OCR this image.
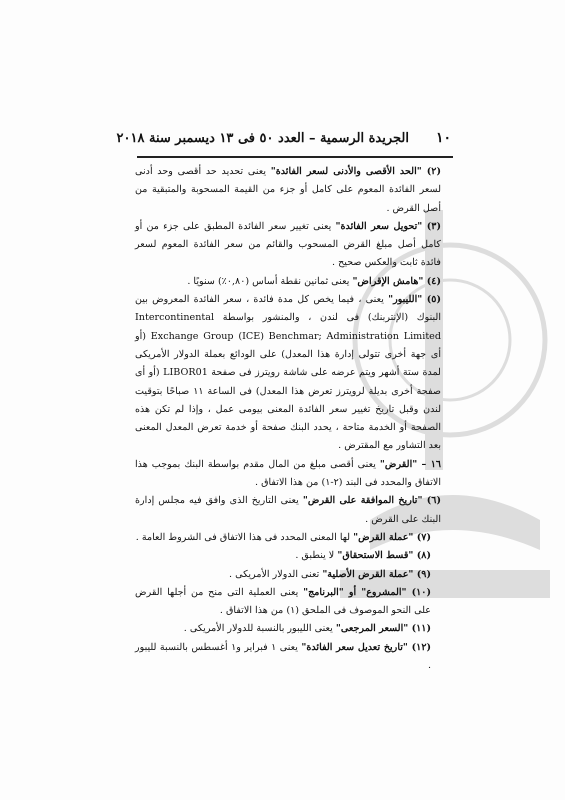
١٠
الجريدة الرسمية – العدد ٥٠ فى ١٣ ديسمبر سنة ٢٠١٨

(٢) "الحد الأقصى والأدنى لسعر الفائدة" يعنى تحديد حد أقصى وحد أدنى لسعر الفائدة المعوم على كامل أو جزء من القيمة المسحوبة والمتبقية من أصل القرض .

(٣) "تحويل سعر الفائدة" يعنى تغيير سعر الفائدة المطبق على جزء من أو كامل أصل مبلغ القرض المسحوب والقائم من سعر الفائدة المعوم لسعر فائدة ثابت والعكس صحيح .

(٤) "هامش الإقراض" يعنى ثمانين نقطة أساس (٠,٨٠٪) سنويًا .

(٥) "الليبور" يعنى ، فيما يخص كل مدة فائدة ، سعر الفائدة المعروض بين البنوك (الإنتربنك) فى لندن ، والمنشور بواسطة Intercontinental Exchange Group (ICE) Benchmar; Administration Limited (أو أى جهة أخرى تتولى إدارة هذا المعدل) على الودائع بعملة الدولار الأمريكى لمدة ستة أشهر ويتم عرضه على شاشة رويترز فى صفحة LIBOR01 (أو أى صفحة أخرى بديلة لرويترز تعرض هذا المعدل) فى الساعة ١١ صباحًا بتوقيت لندن وقبل تاريخ تغيير سعر الفائدة المعنى بيومى عمل ، وإذا لم تكن هذه الصفحة أو الخدمة متاحة ، يحدد البنك صفحة أو خدمة تعرض المعدل المعنى بعد التشاور مع المقترض .

١٦ – "القرض" يعنى أقصى مبلغ من المال مقدم بواسطة البنك بموجب هذا الاتفاق والمحدد فى البند (٢-١) من هذا الاتفاق .

(٦) "تاريخ الموافقة على القرض" يعنى التاريخ الذى وافق فيه مجلس إدارة البنك على القرض .

(٧) "عملة القرض" لها المعنى المحدد فى هذا الاتفاق فى الشروط العامة .

(٨) "قسط الاستحقاق" لا ينطبق .

(٩) "عملة القرض الأصلية" تعنى الدولار الأمريكى .

(١٠) "المشروع" أو "البرنامج" يعنى العملية التى منح من أجلها القرض على النحو الموصوف فى الملحق (١) من هذا الاتفاق .

(١١) "السعر المرجعى" يعنى الليبور بالنسبة للدولار الأمريكى .

(١٢) "تاريخ تعديل سعر الفائدة" يعنى ١ فبراير و١ أغسطس بالنسبة لليبور .
